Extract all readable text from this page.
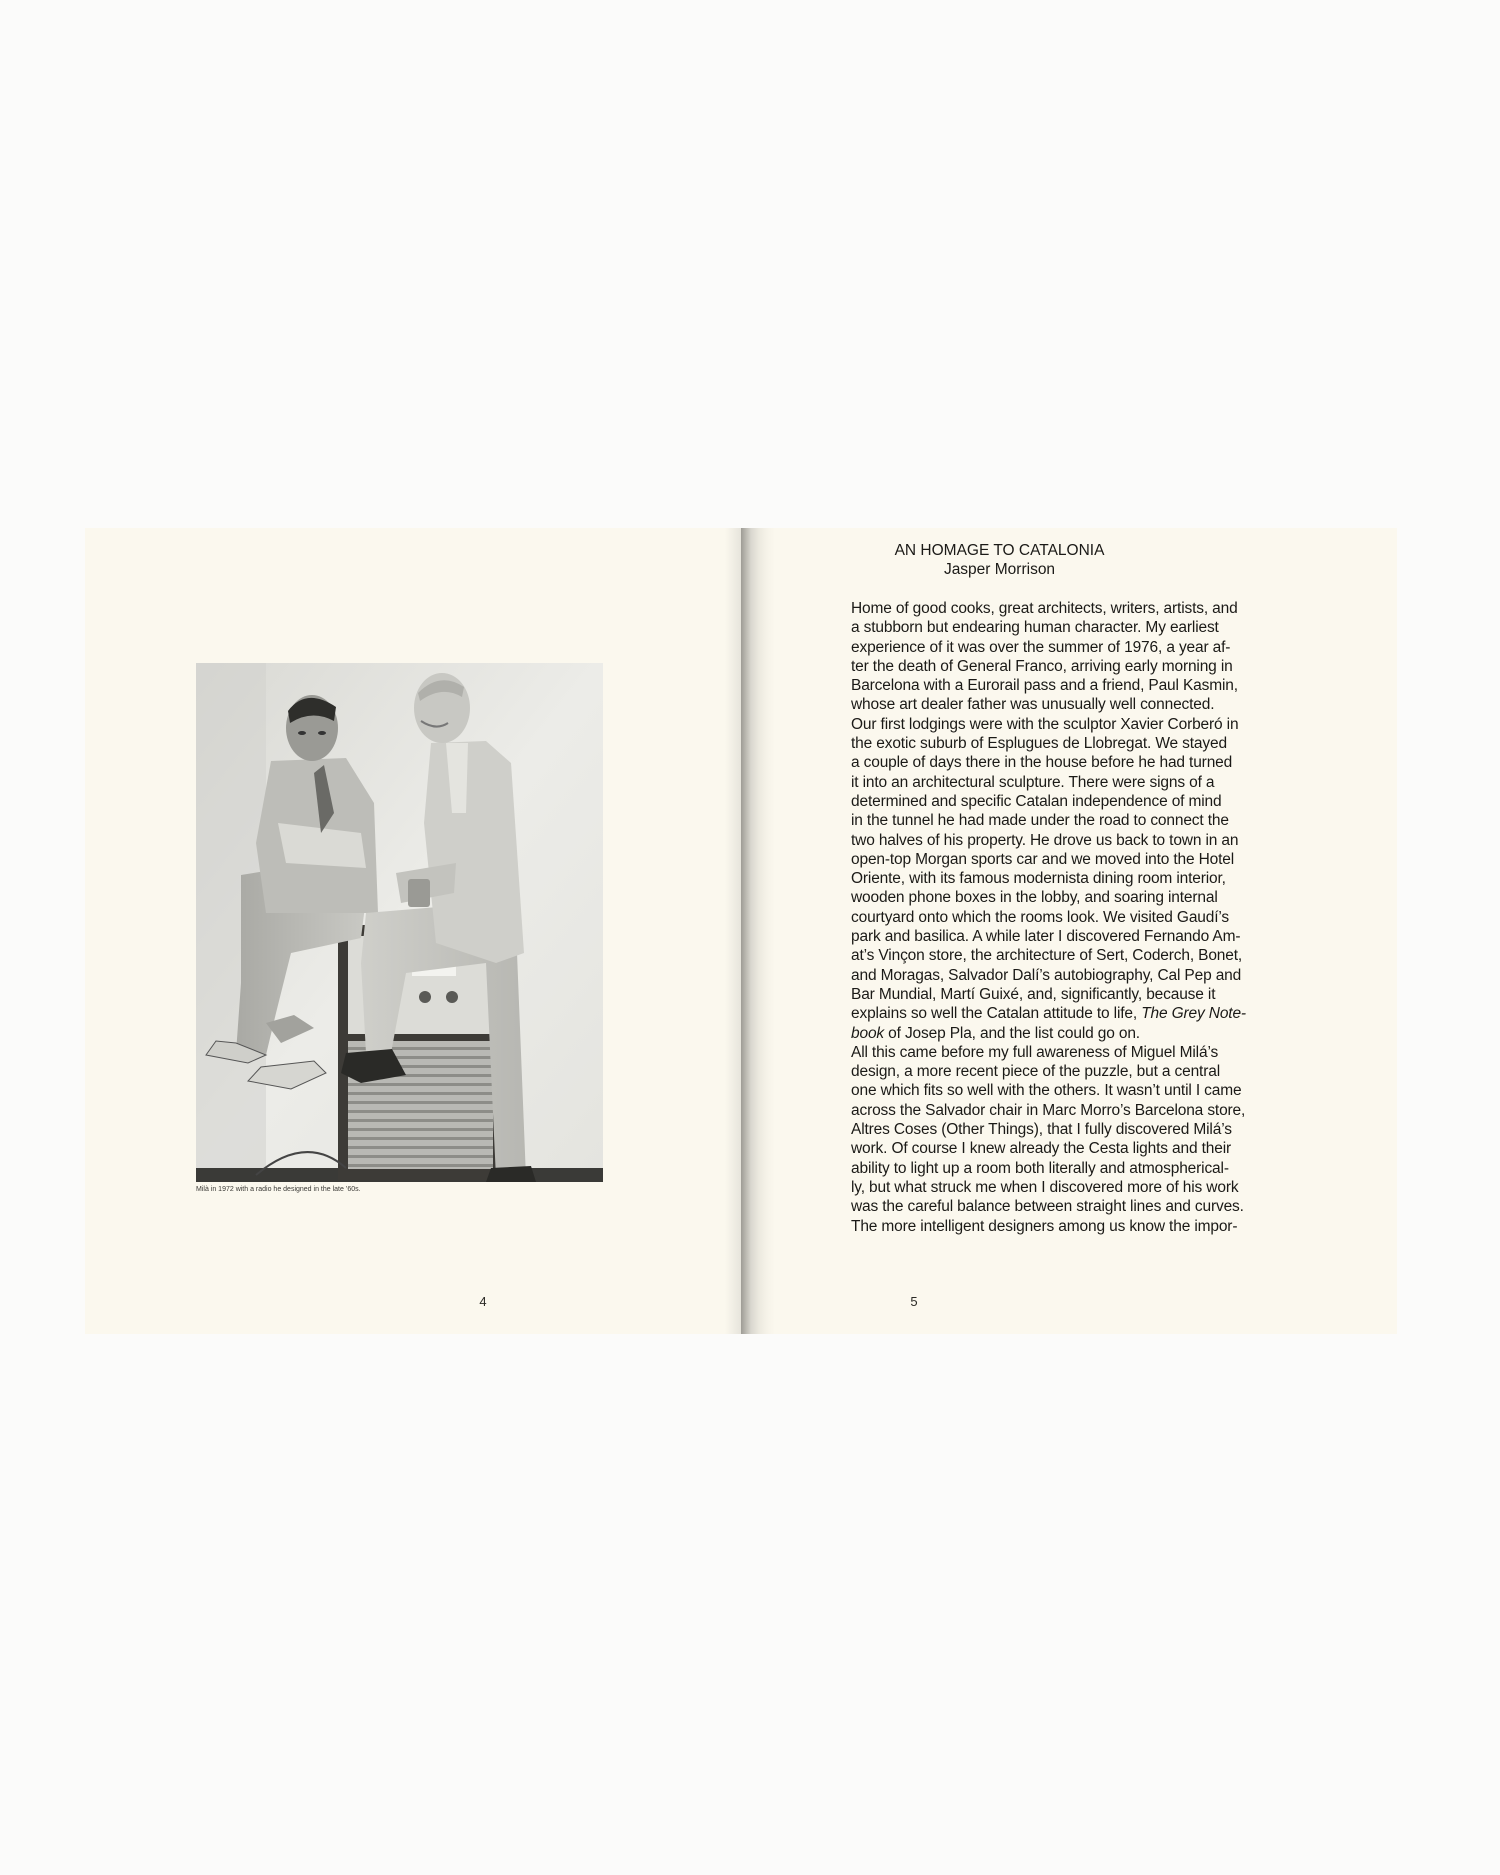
Milà in 1972 with a radio he designed in the late ’60s.
4
AN HOMAGE TO CATALONIA
Jasper Morrison
Home of good cooks, great architects, writers, artists, and
a stubborn but endearing human character. My earliest
experience of it was over the summer of 1976, a year af-
ter the death of General Franco, arriving early morning in
Barcelona with a Eurorail pass and a friend, Paul Kasmin,
whose art dealer father was unusually well connected.
Our first lodgings were with the sculptor Xavier Corberó in
the exotic suburb of Esplugues de Llobregat. We stayed
a couple of days there in the house before he had turned
it into an architectural sculpture. There were signs of a
determined and specific Catalan independence of mind
in the tunnel he had made under the road to connect the
two halves of his property. He drove us back to town in an
open-top Morgan sports car and we moved into the Hotel
Oriente, with its famous modernista dining room interior,
wooden phone boxes in the lobby, and soaring internal
courtyard onto which the rooms look. We visited Gaudí’s
park and basilica. A while later I discovered Fernando Am-
at’s Vinçon store, the architecture of Sert, Coderch, Bonet,
and Moragas, Salvador Dalí’s autobiography, Cal Pep and
Bar Mundial, Martí Guixé, and, significantly, because it
explains so well the Catalan attitude to life, The Grey Note-
book of Josep Pla, and the list could go on.
All this came before my full awareness of Miguel Milá’s
design, a more recent piece of the puzzle, but a central
one which fits so well with the others. It wasn’t until I came
across the Salvador chair in Marc Morro’s Barcelona store,
Altres Coses (Other Things), that I fully discovered Milá’s
work. Of course I knew already the Cesta lights and their
ability to light up a room both literally and atmospherical-
ly, but what struck me when I discovered more of his work
was the careful balance between straight lines and curves.
The more intelligent designers among us know the impor-
5
